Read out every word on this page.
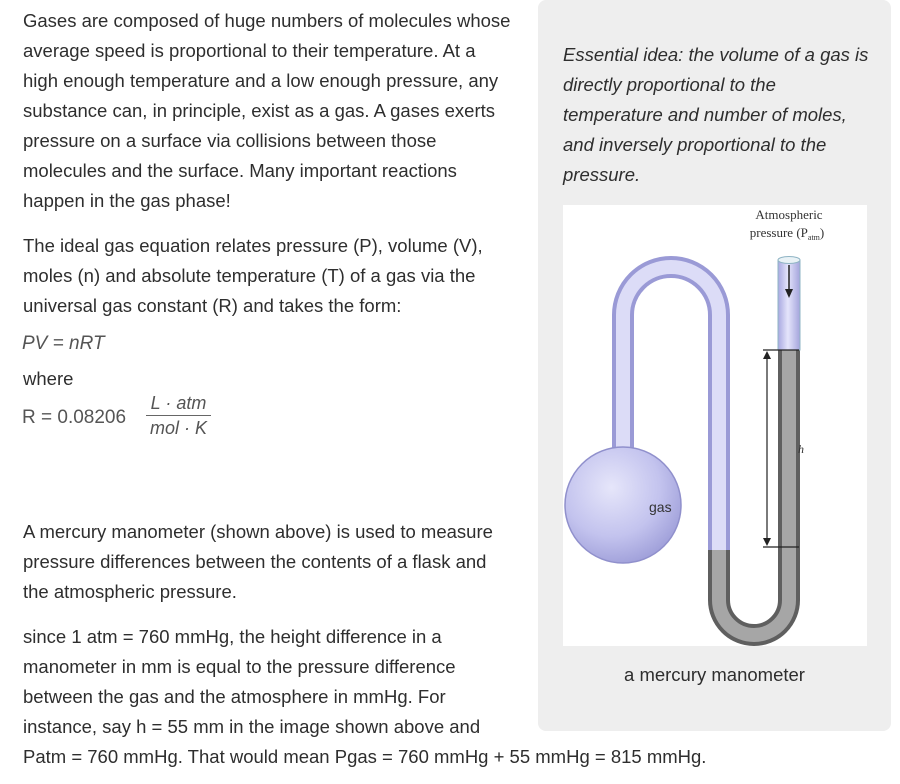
Gases are composed of huge numbers of molecules whose average speed is proportional to their temperature. At a high enough temperature and a low enough pressure, any substance can, in principle, exist as a gas. A gases exerts pressure on a surface via collisions between those molecules and the surface. Many important reactions happen in the gas phase!
The ideal gas equation relates pressure (P), volume (V), moles (n) and absolute temperature (T) of a gas via the universal gas constant (R) and takes the form:
PV = nRT
where
R = 0.08206
L · atm
mol · K
A mercury manometer (shown above) is used to measure pressure differences between the contents of a flask and the atmospheric pressure.
since 1 atm = 760 mmHg, the height difference in a manometer in mm is equal to the pressure difference between the gas and the atmosphere in mmHg. For instance, say h = 55 mm in the image shown above and
Patm = 760 mmHg. That would mean Pgas = 760 mmHg + 55 mmHg = 815 mmHg.
Essential idea: the volume of a gas is directly proportional to the temperature and number of moles, and inversely proportional to the pressure.
gas
Atmospheric
pressure $(P_{atm})$
h
a mercury manometer
